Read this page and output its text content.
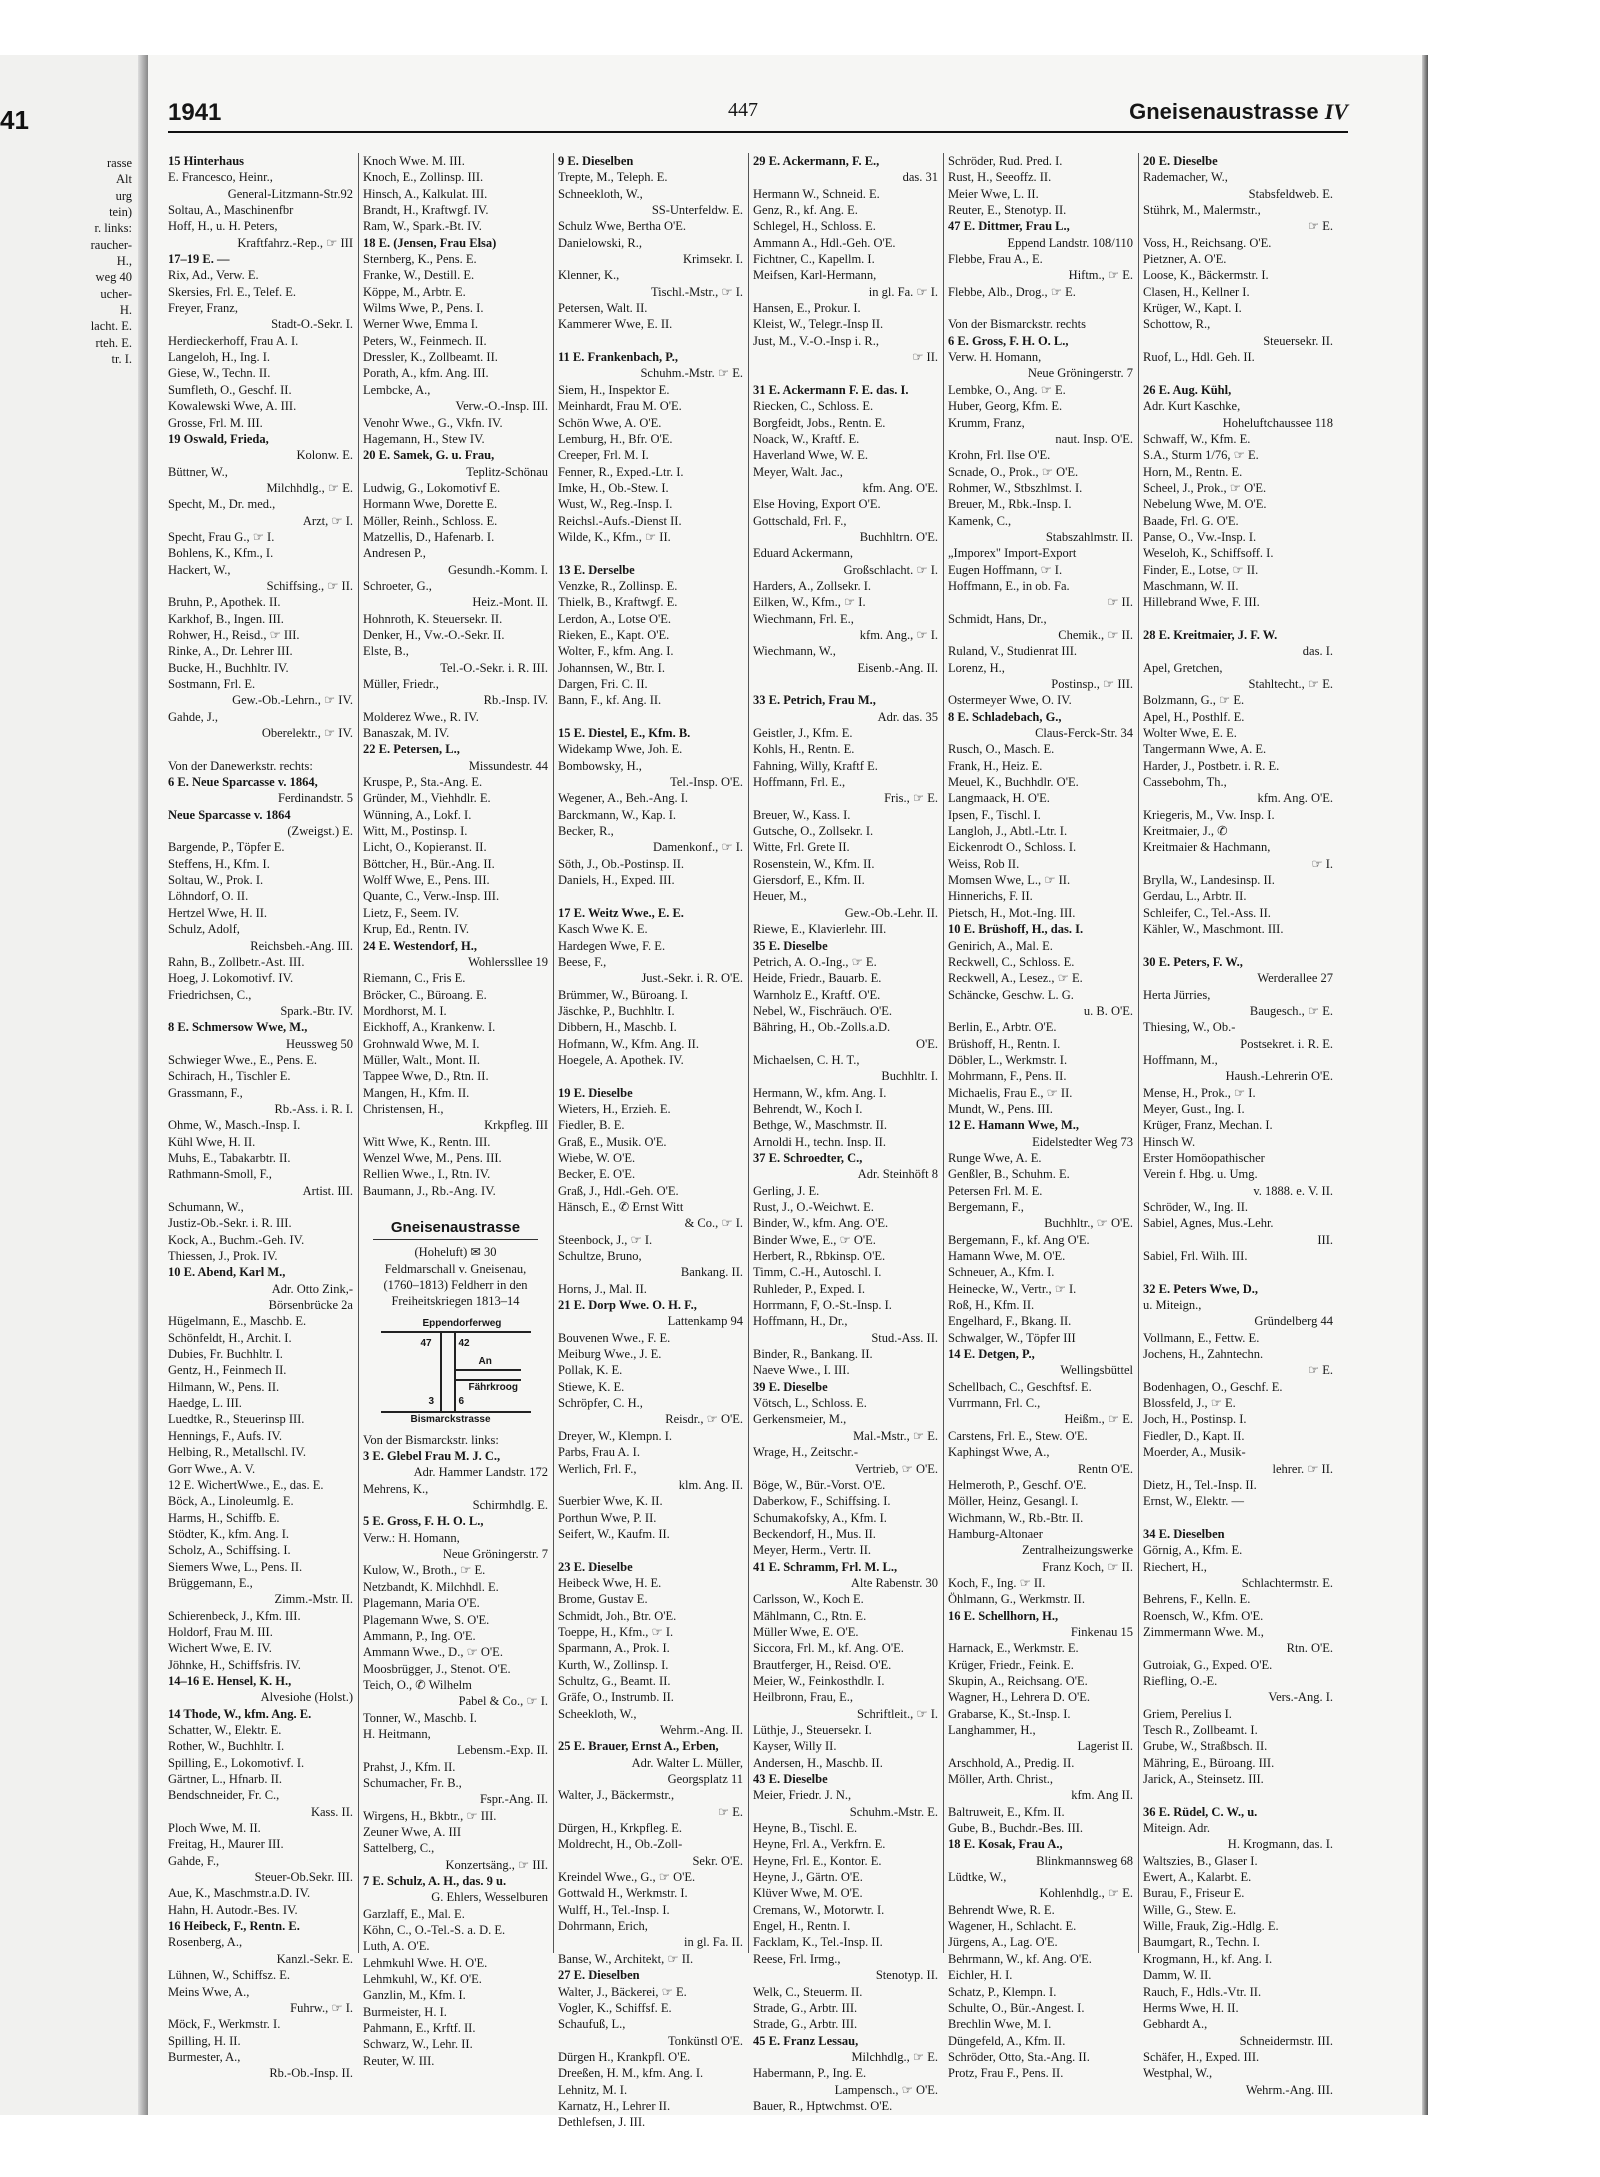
41
rasse
Alt
urg
tein)
r. links:
raucher-
H.,
weg 40
ucher-
H.
lacht. E.
rteh. E.
tr. I.
1941	447	Gneisenaustrasse IV
15 Hinterhaus
E. Francesco, Heinr.,
General-Litzmann-Str.92
Soltau, A., Maschinenfbr
Hoff, H., u. H. Peters,
Kraftfahrz.-Rep., ☞ III
17–19 E. —
Rix, Ad., Verw. E.
Skersies, Frl. E., Telef. E.
Freyer, Franz,
Stadt-O.-Sekr. I.
Herdieckerhoff, Frau A. I.
Langeloh, H., Ing. I.
Giese, W., Techn. II.
Sumfleth, O., Geschf. II.
Kowalewski Wwe, A. III.
Grosse, Frl. M. III.
19 Oswald, Frieda,
Kolonw. E.
Büttner, W.,
Milchhdlg., ☞ E.
Specht, M., Dr. med.,
Arzt, ☞ I.
Specht, Frau G., ☞ I.
Bohlens, K., Kfm., I.
Hackert, W.,
Schiffsing., ☞ II.
Bruhn, P., Apothek. II.
Karkhof, B., Ingen. III.
Rohwer, H., Reisd., ☞ III.
Rinke, A., Dr. Lehrer III.
Bucke, H., Buchhltr. IV.
Sostmann, Frl. E.
Gew.-Ob.-Lehrn., ☞ IV.
Gahde, J.,
Oberelektr., ☞ IV.
Von der Danewerkstr. rechts:
6 E. Neue Sparcasse v. 1864,
Ferdinandstr. 5
Neue Sparcasse v. 1864
(Zweigst.) E.
Bargende, P., Töpfer E.
Steffens, H., Kfm. I.
Soltau, W., Prok. I.
Löhndorf, O. II.
Hertzel Wwe, H. II.
Schulz, Adolf,
Reichsbeh.-Ang. III.
Rahn, B., Zollbetr.-Ast. III.
Hoeg, J. Lokomotivf. IV.
Friedrichsen, C.,
Spark.-Btr. IV.
8 E. Schmersow Wwe, M.,
Heussweg 50
Schwieger Wwe., E., Pens. E.
Schirach, H., Tischler E.
Grassmann, F.,
Rb.-Ass. i. R. I.
Ohme, W., Masch.-Insp. I.
Kühl Wwe, H. II.
Muhs, E., Tabakarbtr. II.
Rathmann-Smoll, F.,
Artist. III.
Schumann, W.,
Justiz-Ob.-Sekr. i. R. III.
Kock, A., Buchm.-Geh. IV.
Thiessen, J., Prok. IV.
10 E. Abend, Karl M.,
Adr. Otto Zink,-
Börsenbrücke 2a
Hügelmann, E., Maschb. E.
Schönfeldt, H., Archit. I.
Dubies, Fr. Buchhltr. I.
Gentz, H., Feinmech II.
Hilmann, W., Pens. II.
Haedge, L. III.
Luedtke, R., Steuerinsp III.
Hennings, F., Aufs. IV.
Helbing, R., Metallschl. IV.
Gorr Wwe., A. V.
12 E. WichertWwe., E., das. E.
Böck, A., Linoleumlg. E.
Harms, H., Schiffb. E.
Stödter, K., kfm. Ang. I.
Scholz, A., Schiffsing. I.
Siemers Wwe, L., Pens. II.
Brüggemann, E.,
Zimm.-Mstr. II.
Schierenbeck, J., Kfm. III.
Holdorf, Frau M. III.
Wichert Wwe, E. IV.
Jöhnke, H., Schiffsfris. IV.
14–16 E. Hensel, K. H.,
Alvesiohe (Holst.)
14 Thode, W., kfm. Ang. E.
Schatter, W., Elektr. E.
Rother, W., Buchhltr. I.
Spilling, E., Lokomotivf. I.
Gärtner, L., Hfnarb. II.
Bendschneider, Fr. C.,
Kass. II.
Ploch Wwe, M. II.
Freitag, H., Maurer III.
Gahde, F.,
Steuer-Ob.Sekr. III.
Aue, K., Maschmstr.a.D. IV.
Hahn, H. Autodr.-Bes. IV.
16 Heibeck, F., Rentn. E.
Rosenberg, A.,
Kanzl.-Sekr. E.
Lühnen, W., Schiffsz. E.
Meins Wwe, A.,
Fuhrw., ☞ I.
Möck, F., Werkmstr. I.
Spilling, H. II.
Burmester, A.,
Rb.-Ob.-Insp. II.
Knoch Wwe. M. III.
Knoch, E., Zollinsp. III.
Hinsch, A., Kalkulat. III.
Brandt, H., Kraftwgf. IV.
Ram, W., Spark.-Bt. IV.
18 E. (Jensen, Frau Elsa)
Sternberg, K., Pens. E.
Franke, W., Destill. E.
Köppe, M., Arbtr. E.
Wilms Wwe, P., Pens. I.
Werner Wwe, Emma I.
Peters, W., Feinmech. II.
Dressler, K., Zollbeamt. II.
Porath, A., kfm. Ang. III.
Lembcke, A.,
Verw.-O.-Insp. III.
Venohr Wwe., G., Vkfn. IV.
Hagemann, H., Stew IV.
20 E. Samek, G. u. Frau,
Teplitz-Schönau
Ludwig, G., Lokomotivf E.
Hormann Wwe, Dorette E.
Möller, Reinh., Schloss. E.
Matzellis, D., Hafenarb. I.
Andresen P.,
Gesundh.-Komm. I.
Schroeter, G.,
Heiz.-Mont. II.
Hohnroth, K. Steuersekr. II.
Denker, H., Vw.-O.-Sekr. II.
Elste, B.,
Tel.-O.-Sekr. i. R. III.
Müller, Friedr.,
Rb.-Insp. IV.
Molderez Wwe., R. IV.
Banaszak, M. IV.
22 E. Petersen, L.,
Missundestr. 44
Kruspe, P., Sta.-Ang. E.
Gründer, M., Viehhdlr. E.
Wünning, A., Lokf. I.
Witt, M., Postinsp. I.
Licht, O., Kopieranst. II.
Böttcher, H., Bür.-Ang. II.
Wolff Wwe, E., Pens. III.
Quante, C., Verw.-Insp. III.
Lietz, F., Seem. IV.
Krup, Ed., Rentn. IV.
24 E. Westendorf, H.,
Wohlerssllee 19
Riemann, C., Fris E.
Bröcker, C., Büroang. E.
Mordhorst, M. I.
Eickhoff, A., Krankenw. I.
Grohnwald Wwe, M. I.
Müller, Walt., Mont. II.
Tappee Wwe, D., Rtn. II.
Mangen, H., Kfm. II.
Christensen, H.,
Krkpfleg. III
Witt Wwe, K., Rentn. III.
Wenzel Wwe, M., Pens. III.
Rellien Wwe., I., Rtn. IV.
Baumann, J., Rb.-Ang. IV.
Gneisenaustrasse
(Hoheluft) ✉ 30
Feldmarschall v. Gneisenau,
(1760–1813) Feldherr in den
Freiheitskriegen 1813–14
Eppendorferweg
47	42
An
Fährkroog
3 6
Bismarckstrasse
Von der Bismarckstr. links:
3 E. Glebel Frau M. J. C.,
Adr. Hammer Landstr. 172
Mehrens, K.,
Schirmhdlg. E.
5 E. Gross, F. H. O. L.,
Verw.: H. Homann,
Neue Gröningerstr. 7
Kulow, W., Broth., ☞ E.
Netzbandt, K. Milchhdl. E.
Plagemann, Maria O'E.
Plagemann Wwe, S. O'E.
Ammann, P., Ing. O'E.
Ammann Wwe., D., ☞ O'E.
Moosbrügger, J., Stenot. O'E.
Teich, O., ✆ Wilhelm
Pabel & Co., ☞ I.
Tonner, W., Maschb. I.
H. Heitmann,
Lebensm.-Exp. II.
Prahst, J., Kfm. II.
Schumacher, Fr. B.,
Fspr.-Ang. II.
Wirgens, H., Bkbtr., ☞ III.
Zeuner Wwe, A. III
Sattelberg, C.,
Konzertsäng., ☞ III.
7 E. Schulz, A. H., das. 9 u.
G. Ehlers, Wesselburen
Garzlaff, E., Mal. E.
Köhn, C., O.-Tel.-S. a. D. E.
Luth, A. O'E.
Lehmkuhl Wwe. H. O'E.
Lehmkuhl, W., Kf. O'E.
Ganzlin, M., Kfm. I.
Burmeister, H. I.
Pahmann, E., Krftf. II.
Schwarz, W., Lehr. II.
Reuter, W. III.
9 E. Dieselben
Trepte, M., Teleph. E.
Schneekloth, W.,
SS-Unterfeldw. E.
Schulz Wwe, Bertha O'E.
Danielowski, R.,
Krimsekr. I.
Klenner, K.,
Tischl.-Mstr., ☞ I.
Petersen, Walt. II.
Kammerer Wwe, E. II.
11 E. Frankenbach, P.,
Schuhm.-Mstr. ☞ E.
Siem, H., Inspektor E.
Meinhardt, Frau M. O'E.
Schön Wwe, A. O'E.
Lemburg, H., Bfr. O'E.
Creeper, Frl. M. I.
Fenner, R., Exped.-Ltr. I.
Imke, H., Ob.-Stew. I.
Wust, W., Reg.-Insp. I.
Reichsl.-Aufs.-Dienst II.
Wilde, K., Kfm., ☞ II.
13 E. Derselbe
Venzke, R., Zollinsp. E.
Thielk, B., Kraftwgf. E.
Lerdon, A., Lotse O'E.
Rieken, E., Kapt. O'E.
Wolter, F., kfm. Ang. I.
Johannsen, W., Btr. I.
Dargen, Fri. C. II.
Bann, F., kf. Ang. II.
15 E. Diestel, E., Kfm. B.
Widekamp Wwe, Joh. E.
Bombowsky, H.,
Tel.-Insp. O'E.
Wegener, A., Beh.-Ang. I.
Barckmann, W., Kap. I.
Becker, R.,
Damenkonf., ☞ I.
Söth, J., Ob.-Postinsp. II.
Daniels, H., Exped. III.
17 E. Weitz Wwe., E. E.
Kasch Wwe K. E.
Hardegen Wwe, F. E.
Beese, F.,
Just.-Sekr. i. R. O'E.
Brümmer, W., Büroang. I.
Jäschke, P., Buchhltr. I.
Dibbern, H., Maschb. I.
Hofmann, W., Kfm. Ang. II.
Hoegele, A. Apothek. IV.
19 E. Dieselbe
Wieters, H., Erzieh. E.
Fiedler, B. E.
Graß, E., Musik. O'E.
Wiebe, W. O'E.
Becker, E. O'E.
Graß, J., Hdl.-Geh. O'E.
Hänsch, E., ✆ Ernst Witt
& Co., ☞ I.
Steenbock, J., ☞ I.
Schultze, Bruno,
Bankang. II.
Horns, J., Mal. II.
21 E. Dorp Wwe. O. H. F.,
Lattenkamp 94
Bouvenen Wwe., F. E.
Meiburg Wwe., J. E.
Pollak, K. E.
Stiewe, K. E.
Schröpfer, C. H.,
Reisdr., ☞ O'E.
Dreyer, W., Klempn. I.
Parbs, Frau A. I.
Werlich, Frl. F.,
klm. Ang. II.
Suerbier Wwe, K. II.
Porthun Wwe, P. II.
Seifert, W., Kaufm. II.
23 E. Dieselbe
Heibeck Wwe, H. E.
Brome, Gustav E.
Schmidt, Joh., Btr. O'E.
Toeppe, H., Kfm., ☞ I.
Sparmann, A., Prok. I.
Kurth, W., Zollinsp. I.
Schultz, G., Beamt. II.
Gräfe, O., Instrumb. II.
Scheekloth, W.,
Wehrm.-Ang. II.
25 E. Brauer, Ernst A., Erben,
Adr. Walter L. Müller,
Georgsplatz 11
Walter, J., Bäckermstr.,
☞ E.
Dürgen, H., Krkpfleg. E.
Moldrecht, H., Ob.-Zoll-
Sekr. O'E.
Kreindel Wwe., G., ☞ O'E.
Gottwald H., Werkmstr. I.
Wulff, H., Tel.-Insp. I.
Dohrmann, Erich,
in gl. Fa. II.
Banse, W., Architekt, ☞ II.
27 E. Dieselben
Walter, J., Bäckerei, ☞ E.
Vogler, K., Schiffsf. E.
Schaufuß, L.,
Tonkünstl O'E.
Dürgen H., Krankpfl. O'E.
Dreeßen, H. M., kfm. Ang. I.
Lehnitz, M. I.
Karnatz, H., Lehrer II.
Dethlefsen, J. III.
29 E. Ackermann, F. E.,
das. 31
Hermann W., Schneid. E.
Genz, R., kf. Ang. E.
Schlegel, H., Schloss. E.
Ammann A., Hdl.-Geh. O'E.
Fichtner, C., Kapellm. I.
Meifsen, Karl-Hermann,
in gl. Fa. ☞ I.
Hansen, E., Prokur. I.
Kleist, W., Telegr.-Insp II.
Just, M., V.-O.-Insp i. R.,
☞ II.
31 E. Ackermann F. E. das. I.
Riecken, C., Schloss. E.
Borgfeidt, Jobs., Rentn. E.
Noack, W., Kraftf. E.
Haverland Wwe, W. E.
Meyer, Walt. Jac.,
kfm. Ang. O'E.
Else Hoving, Export O'E.
Gottschald, Frl. F.,
Buchhltrn. O'E.
Eduard Ackermann,
Großschlacht. ☞ I.
Harders, A., Zollsekr. I.
Eilken, W., Kfm., ☞ I.
Wiechmann, Frl. E.,
kfm. Ang., ☞ I.
Wiechmann, W.,
Eisenb.-Ang. II.
33 E. Petrich, Frau M.,
Adr. das. 35
Geistler, J., Kfm. E.
Kohls, H., Rentn. E.
Fahning, Willy, Kraftf E.
Hoffmann, Frl. E.,
Fris., ☞ E.
Breuer, W., Kass. I.
Gutsche, O., Zollsekr. I.
Witte, Frl. Grete II.
Rosenstein, W., Kfm. II.
Giersdorf, E., Kfm. II.
Heuer, M.,
Gew.-Ob.-Lehr. II.
Riewe, E., Klavierlehr. III.
35 E. Dieselbe
Petrich, A. O.-Ing., ☞ E.
Heide, Friedr., Bauarb. E.
Warnholz E., Kraftf. O'E.
Nebel, W., Fischräuch. O'E.
Bähring, H., Ob.-Zolls.a.D.
O'E.
Michaelsen, C. H. T.,
Buchhltr. I.
Hermann, W., kfm. Ang. I.
Behrendt, W., Koch I.
Bethge, W., Maschmstr. II.
Arnoldi H., techn. Insp. II.
37 E. Schroedter, C.,
Adr. Steinhöft 8
Gerling, J. E.
Rust, J., O.-Weichwt. E.
Binder, W., kfm. Ang. O'E.
Binder Wwe, E., ☞ O'E.
Herbert, R., Rbkinsp. O'E.
Timm, C.-H., Autoschl. I.
Ruhleder, P., Exped. I.
Horrmann, F, O.-St.-Insp. I.
Hoffmann, H., Dr.,
Stud.-Ass. II.
Binder, R., Bankang. II.
Naeve Wwe., I. III.
39 E. Dieselbe
Vötsch, L., Schloss. E.
Gerkensmeier, M.,
Mal.-Mstr., ☞ E.
Wrage, H., Zeitschr.-
Vertrieb, ☞ O'E.
Böge, W., Bür.-Vorst. O'E.
Daberkow, F., Schiffsing. I.
Schumakofsky, A., Kfm. I.
Beckendorf, H., Mus. II.
Meyer, Herm., Vertr. II.
41 E. Schramm, Frl. M. L.,
Alte Rabenstr. 30
Carlsson, W., Koch E.
Mählmann, C., Rtn. E.
Müller Wwe, E. O'E.
Siccora, Frl. M., kf. Ang. O'E.
Brautferger, H., Reisd. O'E.
Meier, W., Feinkosthdlr. I.
Heilbronn, Frau, E.,
Schriftleit., ☞ I.
Lüthje, J., Steuersekr. I.
Kayser, Willy II.
Andersen, H., Maschb. II.
43 E. Dieselbe
Meier, Friedr. J. N.,
Schuhm.-Mstr. E.
Heyne, B., Tischl. E.
Heyne, Frl. A., Verkfrn. E.
Heyne, Frl. E., Kontor. E.
Heyne, J., Gärtn. O'E.
Klüver Wwe, M. O'E.
Cremans, W., Motorwtr. I.
Engel, H., Rentn. I.
Facklam, K., Tel.-Insp. II.
Reese, Frl. Irmg.,
Stenotyp. II.
Welk, C., Steuerm. II.
Strade, G., Arbtr. III.
Strade, G., Arbtr. III.
45 E. Franz Lessau,
Milchhdlg., ☞ E.
Habermann, P., Ing. E.
Lampensch., ☞ O'E.
Bauer, R., Hptwchmst. O'E.
Schröder, Rud. Pred. I.
Rust, H., Seeoffz. II.
Meier Wwe, L. II.
Reuter, E., Stenotyp. II.
47 E. Dittmer, Frau L.,
Eppend Landstr. 108/110
Flebbe, Frau A., E.
Hiftm., ☞ E.
Flebbe, Alb., Drog., ☞ E.
Von der Bismarckstr. rechts
6 E. Gross, F. H. O. L.,
Verw. H. Homann,
Neue Gröningerstr. 7
Lembke, O., Ang. ☞ E.
Huber, Georg, Kfm. E.
Krumm, Franz,
naut. Insp. O'E.
Krohn, Frl. Ilse O'E.
Scnade, O., Prok., ☞ O'E.
Rohmer, W., Stbszhlmst. I.
Breuer, M., Rbk.-Insp. I.
Kamenk, C.,
Stabszahlmstr. II.
„Imporex" Import-Export
Eugen Hoffmann, ☞ I.
Hoffmann, E., in ob. Fa.
☞ II.
Schmidt, Hans, Dr.,
Chemik., ☞ II.
Ruland, V., Studienrat III.
Lorenz, H.,
Postinsp., ☞ III.
Ostermeyer Wwe, O. IV.
8 E. Schladebach, G.,
Claus-Ferck-Str. 34
Rusch, O., Masch. E.
Frank, H., Heiz. E.
Meuel, K., Buchhdlr. O'E.
Langmaack, H. O'E.
Ipsen, F., Tischl. I.
Langloh, J., Abtl.-Ltr. I.
Eickenrodt O., Schloss. I.
Weiss, Rob II.
Momsen Wwe, L., ☞ II.
Hinnerichs, F. II.
Pietsch, H., Mot.-Ing. III.
10 E. Brüshoff, H., das. I.
Genirich, A., Mal. E.
Reckwell, C., Schloss. E.
Reckwell, A., Lesez., ☞ E.
Schäncke, Geschw. L. G.
u. B. O'E.
Berlin, E., Arbtr. O'E.
Brüshoff, H., Rentn. I.
Döbler, L., Werkmstr. I.
Mohrmann, F., Pens. II.
Michaelis, Frau E., ☞ II.
Mundt, W., Pens. III.
12 E. Hamann Wwe, M.,
Eidelstedter Weg 73
Runge Wwe, A. E.
Genßler, B., Schuhm. E.
Petersen Frl. M. E.
Bergemann, F.,
Buchhltr., ☞ O'E.
Bergemann, F., kf. Ang O'E.
Hamann Wwe, M. O'E.
Schneuer, A., Kfm. I.
Heinecke, W., Vertr., ☞ I.
Roß, H., Kfm. II.
Engelhard, F., Bkang. II.
Schwalger, W., Töpfer III
14 E. Detgen, P.,
Wellingsbüttel
Schellbach, C., Geschftsf. E.
Vurrmann, Frl. C.,
Heißm., ☞ E.
Carstens, Frl. E., Stew. O'E.
Kaphingst Wwe, A.,
Rentn O'E.
Helmeroth, P., Geschf. O'E.
Möller, Heinz, Gesangl. I.
Wichmann, W., Rb.-Btr. II.
Hamburg-Altonaer
Zentralheizungswerke
Franz Koch, ☞ II.
Koch, F., Ing. ☞ II.
Öhlmann, G., Werkmstr. II.
16 E. Schellhorn, H.,
Finkenau 15
Harnack, E., Werkmstr. E.
Krüger, Friedr., Feink. E.
Skupin, A., Reichsang. O'E.
Wagner, H., Lehrera D. O'E.
Grabarse, K., St.-Insp. I.
Langhammer, H.,
Lagerist II.
Arschhold, A., Predig. II.
Möller, Arth. Christ.,
kfm. Ang II.
Baltruweit, E., Kfm. II.
Gube, B., Buchdr.-Bes. III.
18 E. Kosak, Frau A.,
Blinkmannsweg 68
Lüdtke, W.,
Kohlenhdlg., ☞ E.
Behrendt Wwe, R. E.
Wagener, H., Schlacht. E.
Jürgens, A., Lag. O'E.
Behrmann, W., kf. Ang. O'E.
Eichler, H. I.
Schatz, P., Klempn. I.
Schulte, O., Bür.-Angest. I.
Brechlin Wwe, M. I.
Düngefeld, A., Kfm. II.
Schröder, Otto, Sta.-Ang. II.
Protz, Frau F., Pens. II.
20 E. Dieselbe
Rademacher, W.,
Stabsfeldweb. E.
Stührk, M., Malermstr.,
☞ E.
Voss, H., Reichsang. O'E.
Pietzner, A. O'E.
Loose, K., Bäckermstr. I.
Clasen, H., Kellner I.
Krüger, W., Kapt. I.
Schottow, R.,
Steuersekr. II.
Ruof, L., Hdl. Geh. II.
26 E. Aug. Kühl,
Adr. Kurt Kaschke,
Hoheluftchaussee 118
Schwaff, W., Kfm. E.
S.A., Sturm 1/76, ☞ E.
Horn, M., Rentn. E.
Scheel, J., Prok., ☞ O'E.
Nebelung Wwe, M. O'E.
Baade, Frl. G. O'E.
Panse, O., Vw.-Insp. I.
Weseloh, K., Schiffsoff. I.
Finder, E., Lotse, ☞ II.
Maschmann, W. II.
Hillebrand Wwe, F. III.
28 E. Kreitmaier, J. F. W.
das. I.
Apel, Gretchen,
Stahltecht., ☞ E.
Bolzmann, G., ☞ E.
Apel, H., Posthlf. E.
Wolter Wwe, E. E.
Tangermann Wwe, A. E.
Harder, J., Postbetr. i. R. E.
Cassebohm, Th.,
kfm. Ang. O'E.
Kriegeris, M., Vw. Insp. I.
Kreitmaier, J., ✆
Kreitmaier & Hachmann,
☞ I.
Brylla, W., Landesinsp. II.
Gerdau, L., Arbtr. II.
Schleifer, C., Tel.-Ass. II.
Kähler, W., Maschmont. III.
30 E. Peters, F. W.,
Werderallee 27
Herta Jürries,
Baugesch., ☞ E.
Thiesing, W., Ob.-
Postsekret. i. R. E.
Hoffmann, M.,
Haush.-Lehrerin O'E.
Mense, H., Prok., ☞ I.
Meyer, Gust., Ing. I.
Krüger, Franz, Mechan. I.
Hinsch W.
Erster Homöopathischer
Verein f. Hbg. u. Umg.
v. 1888. e. V. II.
Schröder, W., Ing. II.
Sabiel, Agnes, Mus.-Lehr.
III.
Sabiel, Frl. Wilh. III.
32 E. Peters Wwe, D.,
u. Miteign.,
Gründelberg 44
Vollmann, E., Fettw. E.
Jochens, H., Zahntechn.
☞ E.
Bodenhagen, O., Geschf. E.
Blossfeld, J., ☞ E.
Joch, H., Postinsp. I.
Fiedler, D., Kapt. II.
Moerder, A., Musik-
lehrer. ☞ II.
Dietz, H., Tel.-Insp. II.
Ernst, W., Elektr. —
34 E. Dieselben
Görnig, A., Kfm. E.
Riechert, H.,
Schlachtermstr. E.
Behrens, F., Kelln. E.
Roensch, W., Kfm. O'E.
Zimmermann Wwe. M.,
Rtn. O'E.
Gutroiak, G., Exped. O'E.
Riefling, O.-E.
Vers.-Ang. I.
Griem, Perelius I.
Tesch R., Zollbeamt. I.
Grube, W., Straßbsch. II.
Mähring, E., Büroang. III.
Jarick, A., Steinsetz. III.
36 E. Rüdel, C. W., u.
Miteign. Adr.
H. Krogmann, das. I.
Waltszies, B., Glaser I.
Ewert, A., Kalarbt. E.
Burau, F., Friseur E.
Wille, G., Stew. E.
Wille, Frauk, Zig.-Hdlg. E.
Baumgart, R., Techn. I.
Krogmann, H., kf. Ang. I.
Damm, W. II.
Rauch, F., Hdls.-Vtr. II.
Herms Wwe, H. II.
Gebhardt A.,
Schneidermstr. III.
Schäfer, H., Exped. III.
Westphal, W.,
Wehrm.-Ang. III.
